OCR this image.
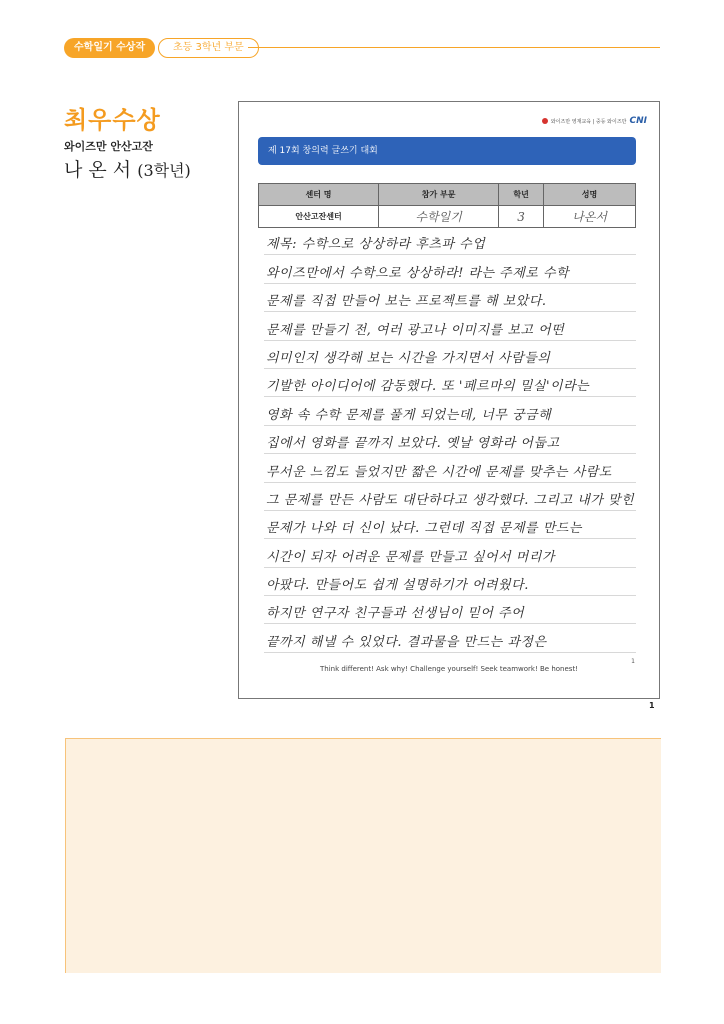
수학일기 수상작	초등 3학년 부문
최우수상
와이즈만 안산고잔
나 온 서 (3학년)
와이즈만 영재교육 | 중등 와이즈만 CNI
제 17회 창의력 글쓰기 대회
센터 명	참가 부문	학년	성명
안산고잔센터	수학일기	3	나온서
제목: 수학으로 상상하라 후츠파 수업
와이즈만에서 수학으로 상상하라! 라는 주제로 수학
문제를 직접 만들어 보는 프로젝트를 해 보았다.
문제를 만들기 전, 여러 광고나 이미지를 보고 어떤
의미인지 생각해 보는 시간을 가지면서 사람들의
기발한 아이디어에 감동했다. 또 '페르마의 밀실'이라는
영화 속 수학 문제를 풀게 되었는데, 너무 궁금해
집에서 영화를 끝까지 보았다. 옛날 영화라 어둡고
무서운 느낌도 들었지만 짧은 시간에 문제를 맞추는 사람도
그 문제를 만든 사람도 대단하다고 생각했다. 그리고 내가 맞힌
문제가 나와 더 신이 났다. 그런데 직접 문제를 만드는
시간이 되자 어려운 문제를 만들고 싶어서 머리가
아팠다. 만들어도 쉽게 설명하기가 어려웠다.
하지만 연구자 친구들과 선생님이 믿어 주어
끝까지 해낼 수 있었다. 결과물을 만드는 과정은
1
Think different! Ask why! Challenge yourself! Seek teamwork! Be honest!
1
